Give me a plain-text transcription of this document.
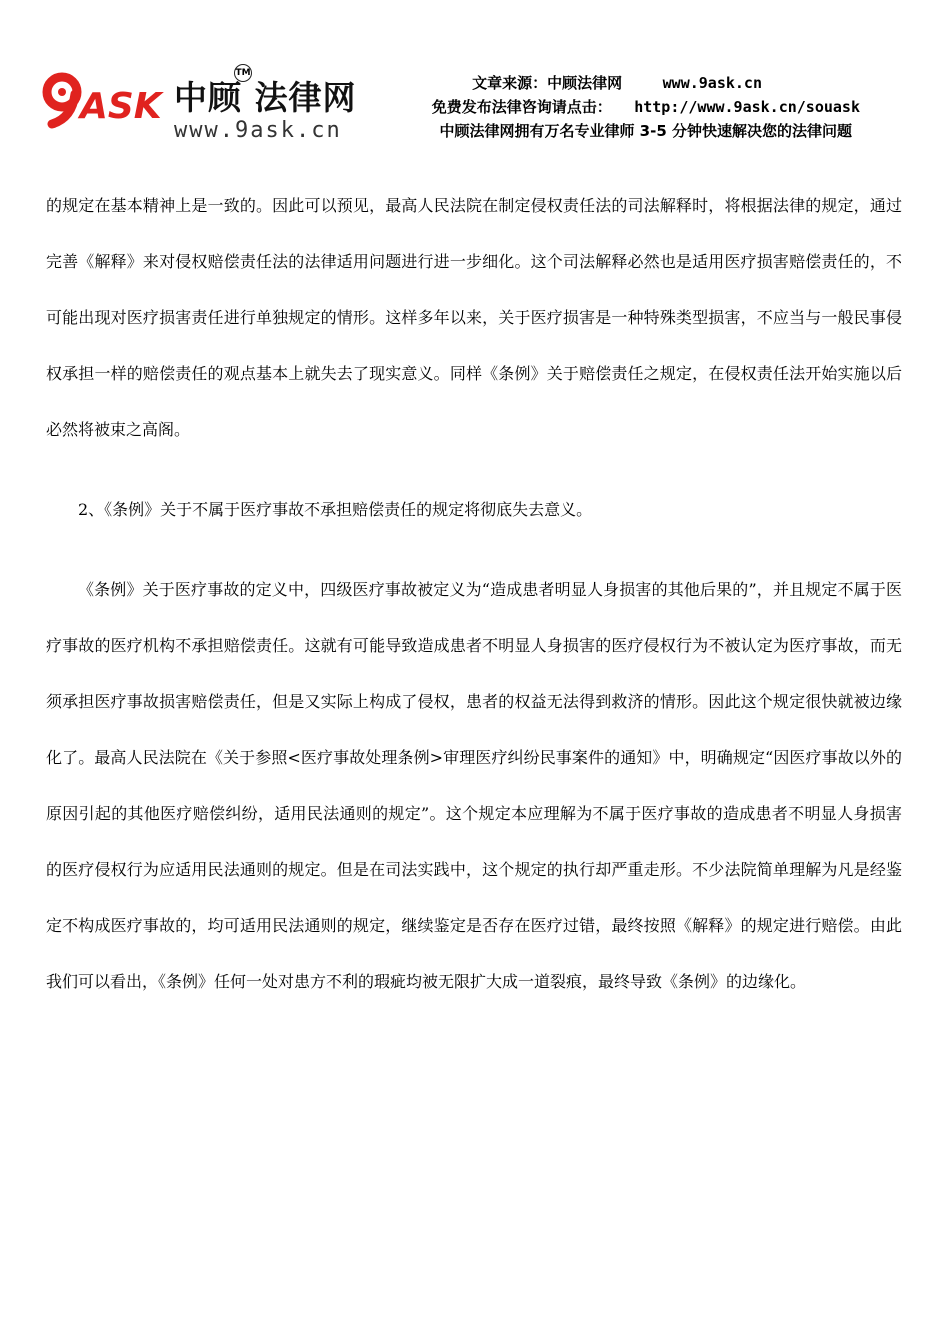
ASK 中顾 法律网
TM
www.9ask.cn
文章来源：中顾法律网	www.9ask.cn
免费发布法律咨询请点击： http://www.9ask.cn/souask
中顾法律网拥有万名专业律师 3-5 分钟快速解决您的法律问题

的规定在基本精神上是一致的。因此可以预见，最高人民法院在制定侵权责任法的司法解释时，将根据法律的规定，通过完善《解释》来对侵权赔偿责任法的法律适用问题进行进一步细化。这个司法解释必然也是适用医疗损害赔偿责任的，不可能出现对医疗损害责任进行单独规定的情形。这样多年以来，关于医疗损害是一种特殊类型损害，不应当与一般民事侵权承担一样的赔偿责任的观点基本上就失去了现实意义。同样《条例》关于赔偿责任之规定，在侵权责任法开始实施以后必然将被束之高阁。

2、《条例》关于不属于医疗事故不承担赔偿责任的规定将彻底失去意义。

《条例》关于医疗事故的定义中，四级医疗事故被定义为“造成患者明显人身损害的其他后果的”，并且规定不属于医疗事故的医疗机构不承担赔偿责任。这就有可能导致造成患者不明显人身损害的医疗侵权行为不被认定为医疗事故，而无须承担医疗事故损害赔偿责任，但是又实际上构成了侵权，患者的权益无法得到救济的情形。因此这个规定很快就被边缘化了。最高人民法院在《关于参照<医疗事故处理条例>审理医疗纠纷民事案件的通知》中，明确规定“因医疗事故以外的原因引起的其他医疗赔偿纠纷，适用民法通则的规定”。这个规定本应理解为不属于医疗事故的造成患者不明显人身损害的医疗侵权行为应适用民法通则的规定。但是在司法实践中，这个规定的执行却严重走形。不少法院简单理解为凡是经鉴定不构成医疗事故的，均可适用民法通则的规定，继续鉴定是否存在医疗过错，最终按照《解释》的规定进行赔偿。由此我们可以看出，《条例》任何一处对患方不利的瑕疵均被无限扩大成一道裂痕，最终导致《条例》的边缘化。
